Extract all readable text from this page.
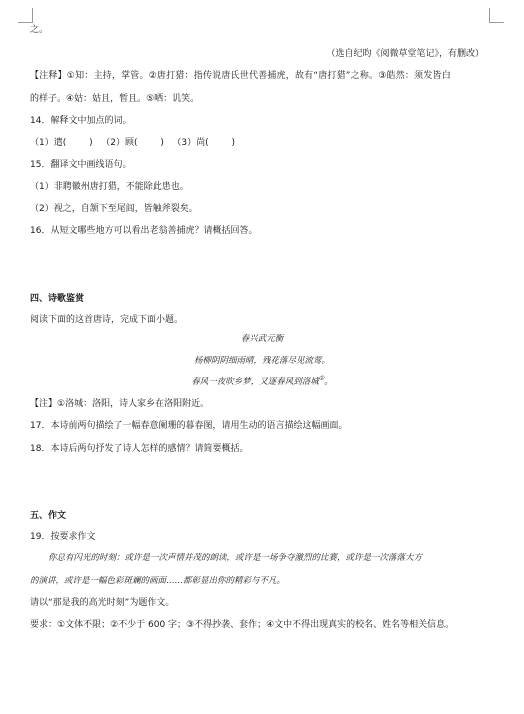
之。
（选自纪昀《阅微草堂笔记》，有删改）
【注释】①知：主持，掌管。②唐打猎：指传说唐氏世代善捕虎，故有“唐打猎”之称。③皓然：须发皆白
的样子。④姑：姑且，暂且。⑤哂：讥笑。
14．解释文中加点的词。
（1）遣(        )   （2）顾(        )   （3）尚(        )
15．翻译文中画线语句。
（1）非聘徽州唐打猎，不能除此患也。
（2）视之，自颔下至尾闾，皆触斧裂矣。
16．从短文哪些地方可以看出老翁善捕虎？请概括回答。
四、诗歌鉴赏
阅读下面的这首唐诗，完成下面小题。
春兴武元衡
杨柳阴阴细雨晴，残花落尽见流莺。
春风一夜吹乡梦，又逐春风到洛城①。
【注】①洛城：洛阳，诗人家乡在洛阳附近。
17．本诗前两句描绘了一幅春意阑珊的暮春图，请用生动的语言描绘这幅画面。
18．本诗后两句抒发了诗人怎样的感情？请简要概括。
五、作文
19．按要求作文
你总有闪光的时刻：或许是一次声情并茂的朗读，或许是一场争夺激烈的比赛，或许是一次落落大方
的演讲，或许是一幅色彩斑斓的画面……都彰显出你的精彩与不凡。
请以“那是我的高光时刻”为题作文。
要求：①文体不限；②不少于 600 字；③不得抄袭、套作；④文中不得出现真实的校名、姓名等相关信息。
